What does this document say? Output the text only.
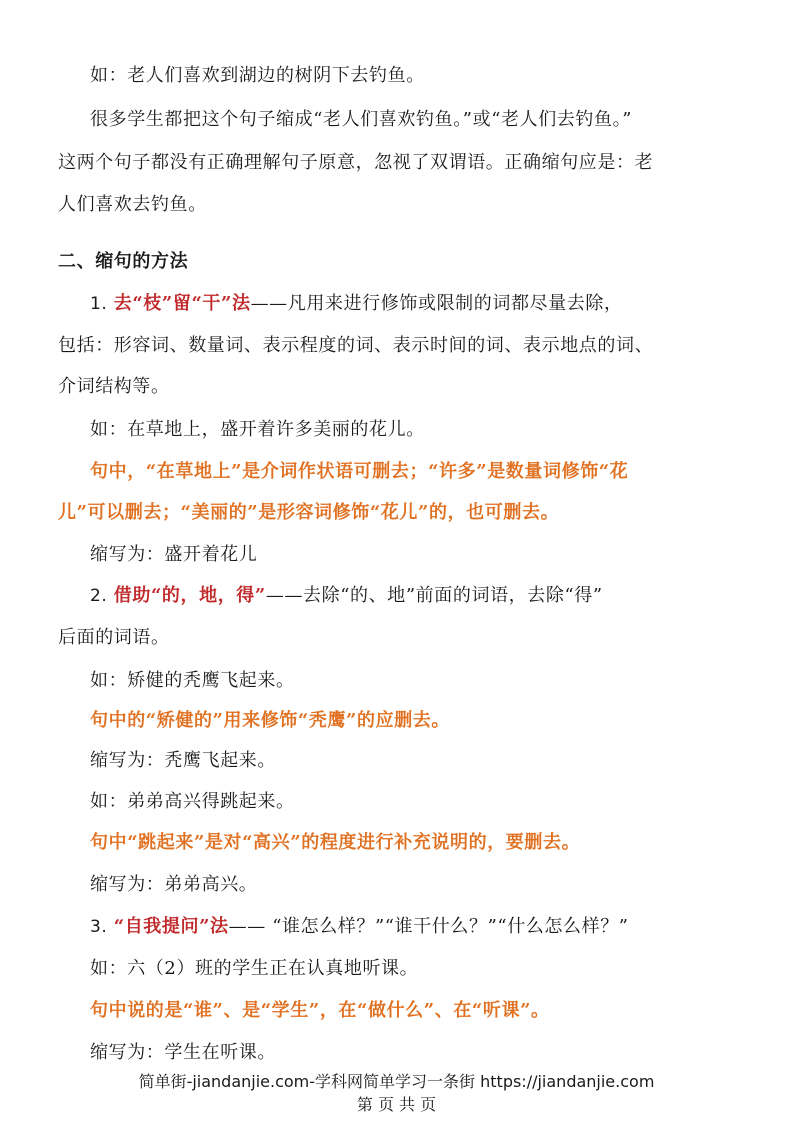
如：老人们喜欢到湖边的树阴下去钓鱼。
很多学生都把这个句子缩成“老人们喜欢钓鱼。”或“老人们去钓鱼。”
这两个句子都没有正确理解句子原意，忽视了双谓语。正确缩句应是：老
人们喜欢去钓鱼。
二、缩句的方法
1. 去“枝”留“干”法——凡用来进行修饰或限制的词都尽量去除，
包括：形容词、数量词、表示程度的词、表示时间的词、表示地点的词、
介词结构等。
如：在草地上，盛开着许多美丽的花儿。
句中，“在草地上”是介词作状语可删去；“许多”是数量词修饰“花
儿”可以删去；“美丽的”是形容词修饰“花儿”的，也可删去。
缩写为：盛开着花儿
2. 借助“的，地，得”——去除“的、地”前面的词语，去除“得”
后面的词语。
如：矫健的秃鹰飞起来。
句中的“矫健的”用来修饰“秃鹰”的应删去。
缩写为：秃鹰飞起来。
如：弟弟高兴得跳起来。
句中“跳起来”是对“高兴”的程度进行补充说明的，要删去。
缩写为：弟弟高兴。
3. “自我提问”法—— “谁怎么样？”“谁干什么？”“什么怎么样？”
如：六（2）班的学生正在认真地听课。
句中说的是“谁”、是“学生”，在“做什么”、在“听课”。
缩写为：学生在听课。
简单街-jiandanjie.com-学科网简单学习一条街 https://jiandanjie.com
第 页 共 页
